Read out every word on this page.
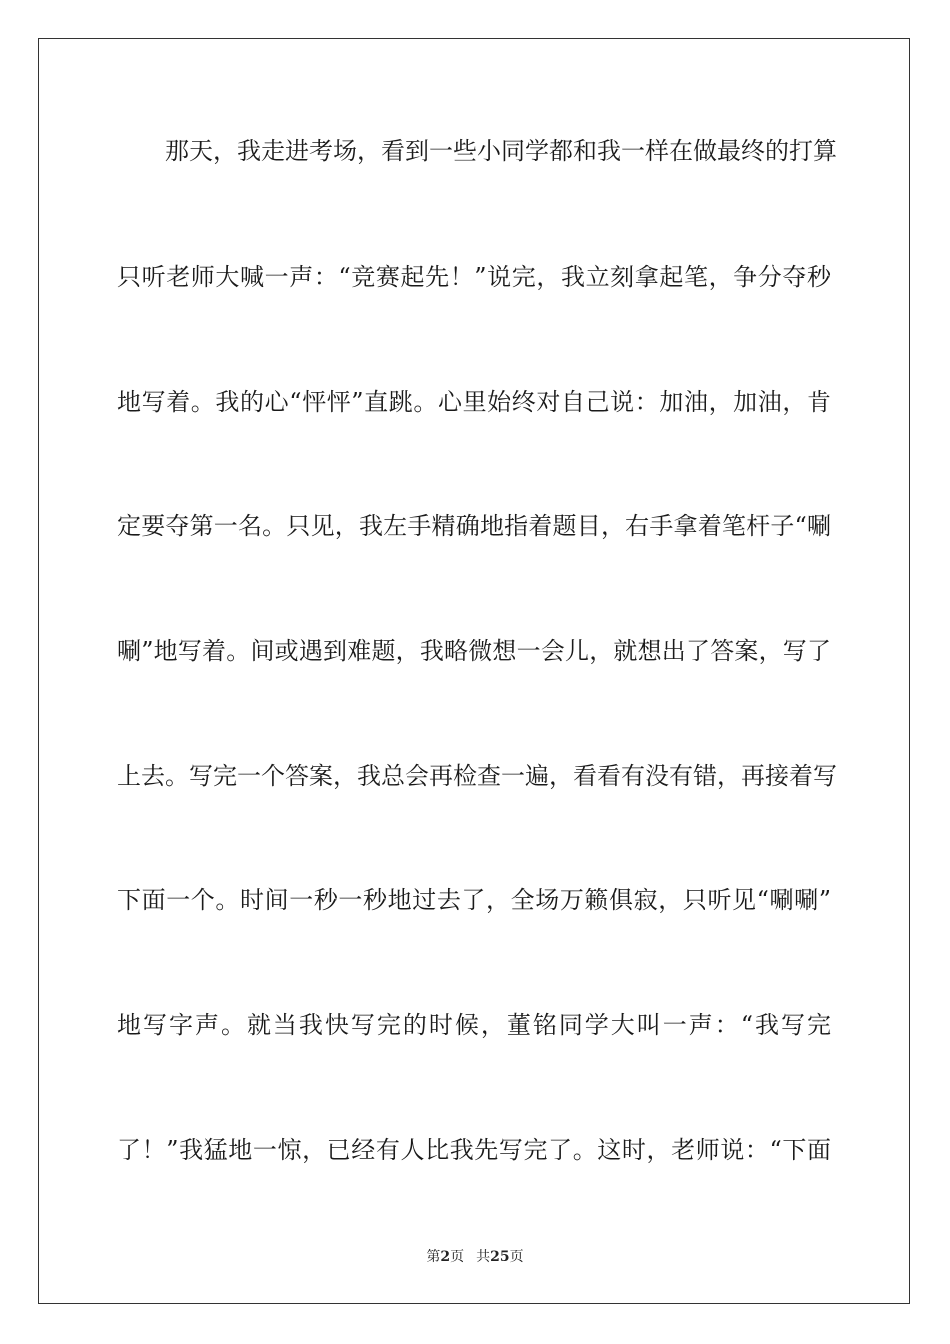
那天，我走进考场，看到一些小同学都和我一样在做最终的打算
只听老师大喊一声：“竞赛起先！”说完，我立刻拿起笔，争分夺秒
地写着。我的心“怦怦”直跳。心里始终对自己说：加油，加油，肯
定要夺第一名。只见，我左手精确地指着题目，右手拿着笔杆子“唰
唰”地写着。间或遇到难题，我略微想一会儿，就想出了答案，写了
上去。写完一个答案，我总会再检查一遍，看看有没有错，再接着写
下面一个。时间一秒一秒地过去了，全场万籁俱寂，只听见“唰唰”
地写字声。就当我快写完的时候，董铭同学大叫一声：“我写完
了！”我猛地一惊，已经有人比我先写完了。这时，老师说：“下面
第2页 共25页
